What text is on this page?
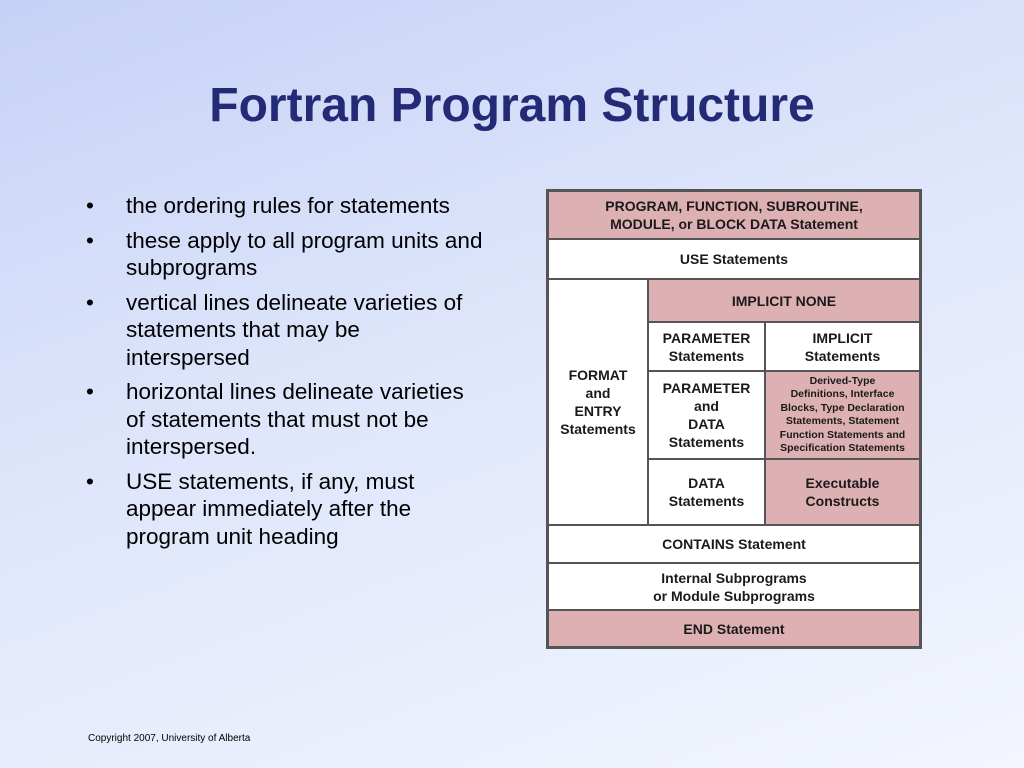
Fortran Program Structure
• the ordering rules for statements
• these apply to all program units and subprograms
• vertical lines delineate varieties of statements that may be interspersed
• horizontal lines delineate varieties of statements that must not be interspersed.
• USE statements, if any, must appear immediately after the program unit heading
PROGRAM, FUNCTION, SUBROUTINE,
MODULE, or BLOCK DATA Statement
USE Statements
FORMAT
and
ENTRY
Statements
IMPLICIT NONE
PARAMETER
Statements
IMPLICIT
Statements
PARAMETER
and
DATA
Statements
Derived-Type
Definitions, Interface
Blocks, Type Declaration
Statements, Statement
Function Statements and
Specification Statements
DATA
Statements
Executable
Constructs
CONTAINS Statement
Internal Subprograms
or Module Subprograms
END Statement
Copyright 2007, University of Alberta
